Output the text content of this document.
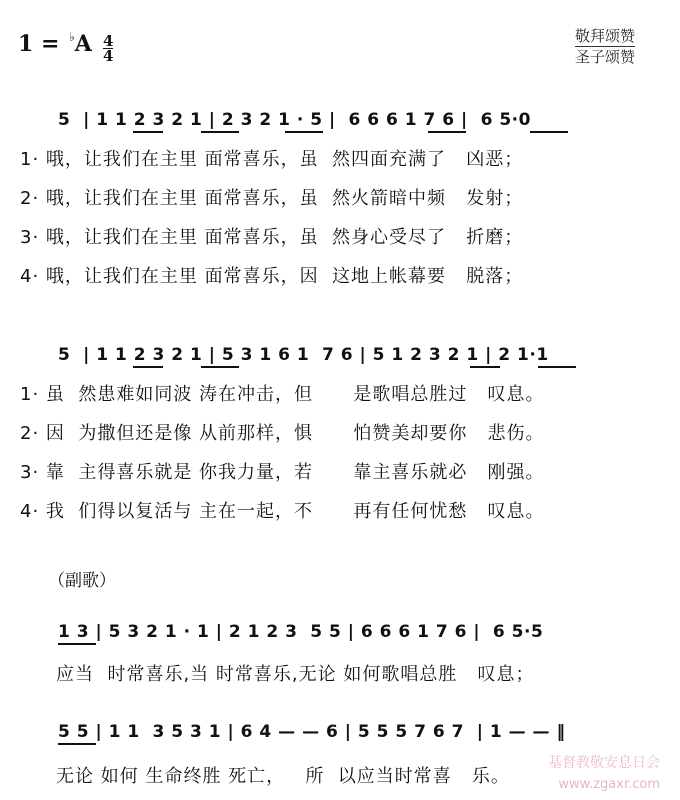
1 = ♭A 4
4
敬拜颂赞
圣子颂赞
5  | 1 1 2 3 2 1 | 2 3 2 1 · 5 |  6 6 6 1 7 6 |  6 5·0
1· 哦，让我们在主里 面常喜乐，虽  然四面充满了   凶恶；
2· 哦，让我们在主里 面常喜乐，虽  然火箭暗中频   发射；
3· 哦，让我们在主里 面常喜乐，虽  然身心受尽了   折磨；
4· 哦，让我们在主里 面常喜乐，因  这地上帐幕要   脱落；
5  | 1 1 2 3 2 1 | 5 3 1 6 1  7 6 | 5 1 2 3 2 1 | 2 1·1
1· 虽  然患难如同波 涛在冲击，但      是歌唱总胜过   叹息。
2· 因  为撒但还是像 从前那样，惧      怕赞美却要你   悲伤。
3· 靠  主得喜乐就是 你我力量，若      靠主喜乐就必   刚强。
4· 我  们得以复活与 主在一起，不      再有任何忧愁   叹息。
（副歌）
1 3 | 5 3 2 1 · 1 | 2 1 2 3  5 5 | 6 6 6 1 7 6 |  6 5·5
应当  时常喜乐,当 时常喜乐,无论 如何歌唱总胜   叹息；
5 5 | 1 1  3 5 3 1 | 6 4 — — 6 | 5 5 5 7 6 7  | 1 — — ‖
无论 如何 生命终胜 死亡，   所  以应当时常喜   乐。
基督教敬安息日会
www.zgaxr.com
